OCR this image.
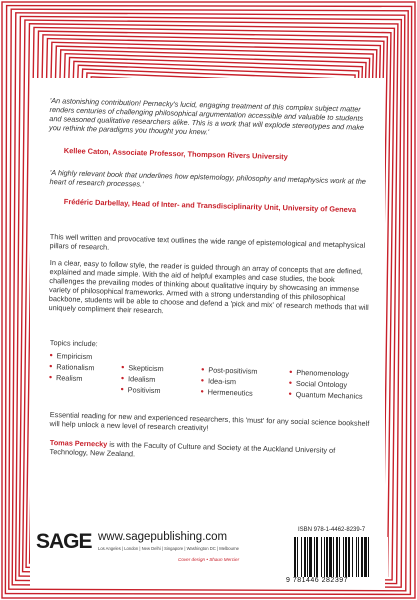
'An astonishing contribution! Pernecky's lucid, engaging treatment of this complex subject matter renders centuries of challenging philosophical argumentation accessible and valuable to students and seasoned qualitative researchers alike. This is a work that will explode stereotypes and make you rethink the paradigms you thought you knew.'
Kellee Caton, Associate Professor, Thompson Rivers University
'A highly relevant book that underlines how epistemology, philosophy and metaphysics work at the heart of research processes.'
Frédéric Darbellay, Head of Inter- and Transdisciplinarity Unit, University of Geneva
This well written and provocative text outlines the wide range of epistemological and metaphysical pillars of research.
In a clear, easy to follow style, the reader is guided through an array of concepts that are defined, explained and made simple. With the aid of helpful examples and case studies, the book challenges the prevailing modes of thinking about qualitative inquiry by showcasing an immense variety of philosophical frameworks. Armed with a strong understanding of this philosophical backbone, students will be able to choose and defend a 'pick and mix' of research methods that will uniquely compliment their research.
Topics include:
• Empiricism
• Rationalism
• Realism
• Skepticism
• Idealism
• Positivism
• Post-positivism
• Idea-ism
• Hermeneutics
• Phenomenology
• Social Ontology
• Quantum Mechanics
Essential reading for new and experienced researchers, this 'must' for any social science bookshelf will help unlock a new level of research creativity!
Tomas Pernecky is with the Faculty of Culture and Society at the Auckland University of Technology, New Zealand.
SAGE www.sagepublishing.com
Los Angeles | London | New Delhi | Singapore | Washington DC | Melbourne
Cover design • Shaun Mercier
ISBN 978-1-4462-8239-7
9 781446 282397
